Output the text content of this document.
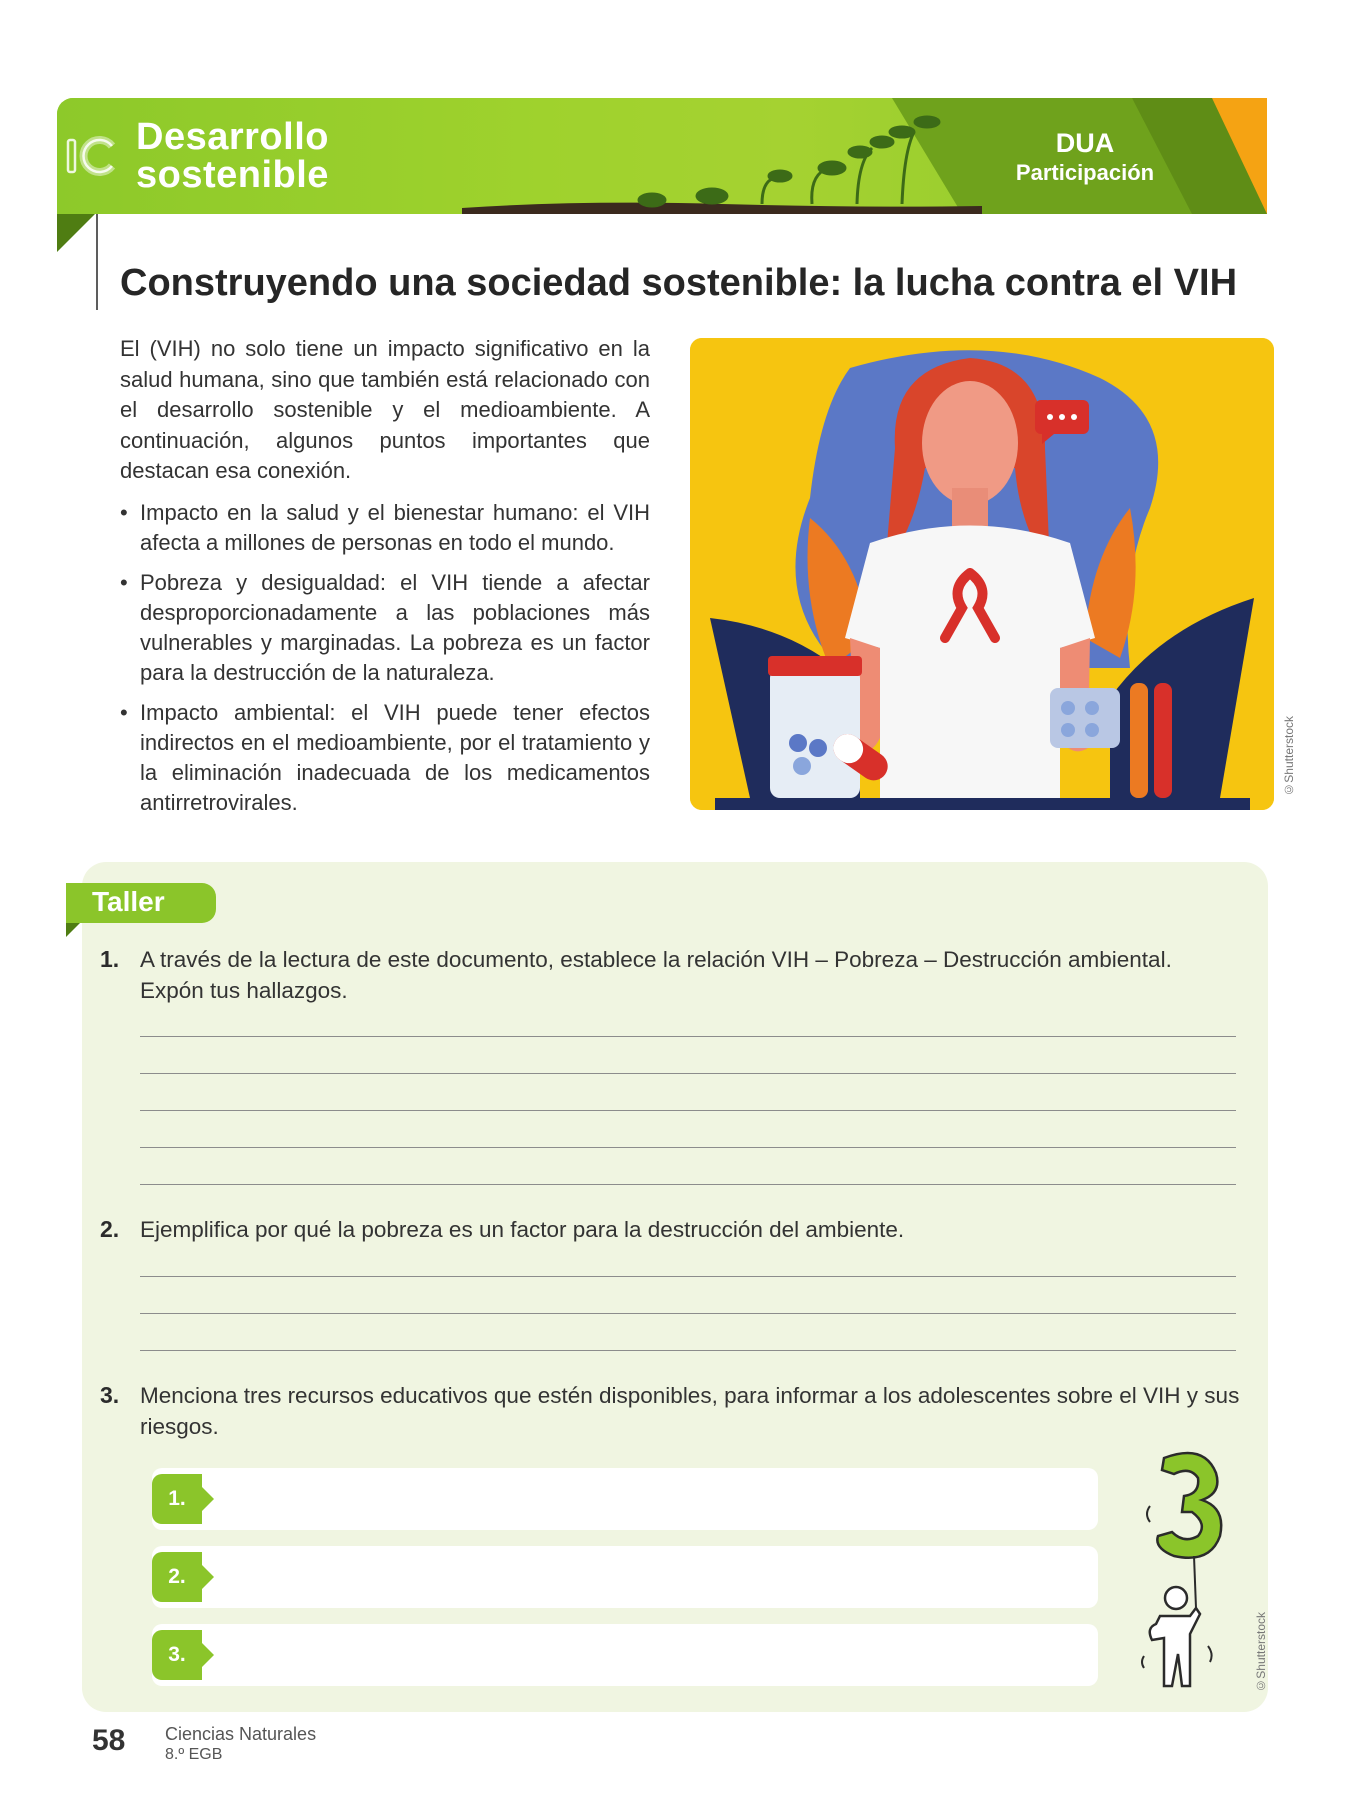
Desarrollo
sostenible
DUA
Participación
Construyendo una sociedad sostenible: la lucha contra el VIH
El (VIH) no solo tiene un impacto significativo en la salud humana, sino que también está relacionado con el desarrollo sostenible y el medioambiente. A continuación, algunos puntos importantes que destacan esa conexión.
• Impacto en la salud y el bienestar humano: el VIH afecta a millones de personas en todo el mundo.
• Pobreza y desigualdad: el VIH tiende a afectar desproporcionadamente a las poblaciones más vulnerables y marginadas. La pobreza es un factor para la destrucción de la naturaleza.
• Impacto ambiental: el VIH puede tener efectos indirectos en el medioambiente, por el tratamiento y la eliminación inadecuada de los medicamentos antirretrovirales.
©Shutterstock
Taller
1. A través de la lectura de este documento, establece la relación VIH – Pobreza – Destrucción ambiental. Expón tus hallazgos.
2. Ejemplifica por qué la pobreza es un factor para la destrucción del ambiente.
3. Menciona tres recursos educativos que estén disponibles, para informar a los adolescentes sobre el VIH y sus riesgos.
1.
2.
3.	©Shutterstock
58 Ciencias Naturales
8.º EGB
